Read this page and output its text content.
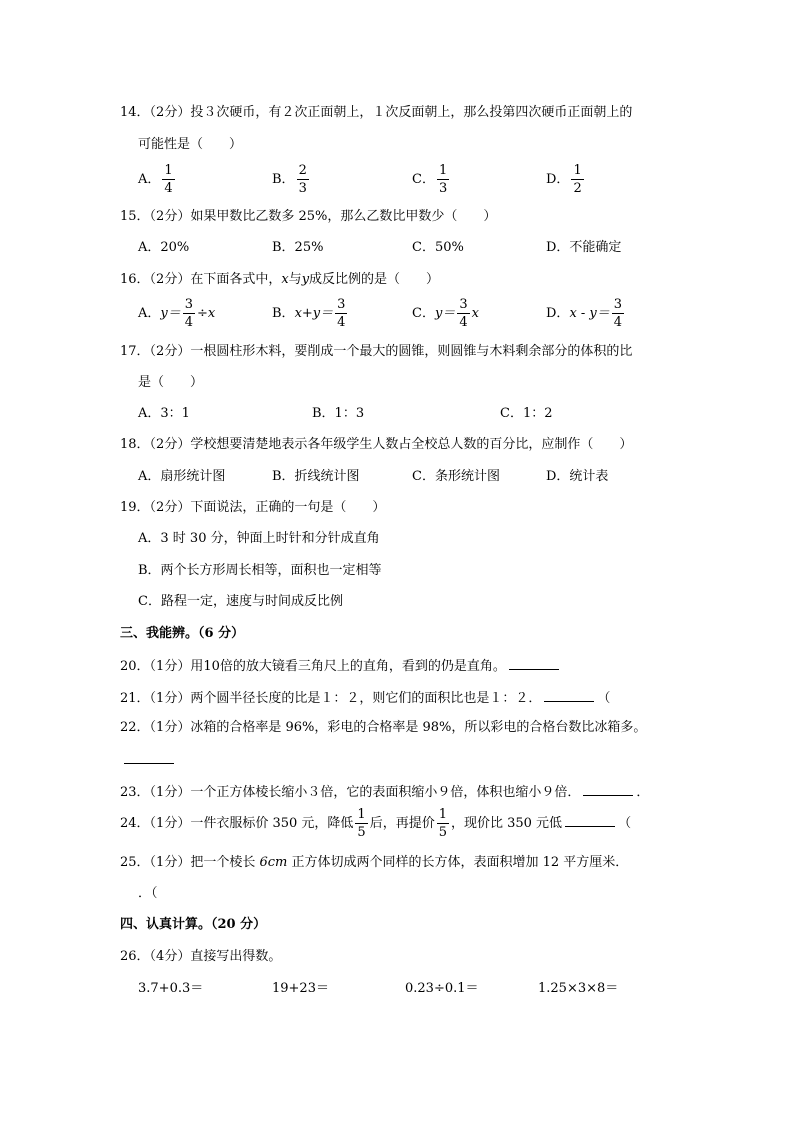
14．（2分）投３次硬币，有２次正面朝上，１次反面朝上，那么投第四次硬币正面朝上的
可能性是（　　）
A． $\frac{1}{4}$	B． $\frac{2}{3}$	C． $\frac{1}{3}$	D． $\frac{1}{2}$
15．（2分）如果甲数比乙数多 25%，那么乙数比甲数少（　　）
A．20%	B．25%	C．50%	D．不能确定
16．（2分）在下面各式中，x与y成反比例的是（　　）
A．$y= \frac{3}{4} \div x$	B．$x+y= \frac{3}{4}$	C．$y= \frac{3}{4}$ x	D．$x - y= \frac{3}{4}$
17．（2分）一根圆柱形木料，要削成一个最大的圆锥，则圆锥与木料剩余部分的体积的比
是（　　）
A．3：1	B．1：3	C．1：2
18．（2分）学校想要清楚地表示各年级学生人数占全校总人数的百分比，应制作（　　）
A．扇形统计图	B．折线统计图	C．条形统计图	D．统计表
19．（2分）下面说法，正确的一句是（　　）
A．3 时 30 分，钟面上时针和分针成直角
B．两个长方形周长相等，面积也一定相等
C．路程一定，速度与时间成反比例
三、我能辨。（6 分）
20．（1分）用10倍的放大镜看三角尺上的直角，看到的仍是直角。
21．（1分）两个圆半径长度的比是１：２，则它们的面积比也是１：２．	（
22．（1分）冰箱的合格率是 96%，彩电的合格率是 98%，所以彩电的合格台数比冰箱多。
23．（1分）一个正方体棱长缩小３倍，它的表面积缩小９倍，体积也缩小９倍．	．
24．（1分）一件衣服标价 350 元，降低 $\frac{1}{5}$ 后，再提价 $\frac{1}{5}$ ，现价比 350 元低	（
25．（1分）把一个棱长 6cm 正方体切成两个同样的长方体，表面积增加 12 平方厘米．
．（
四、认真计算。（20 分）
26．（4分）直接写出得数。
3.7+0.3＝	19+23＝	0.23÷0.1＝	1.25×3×8＝
